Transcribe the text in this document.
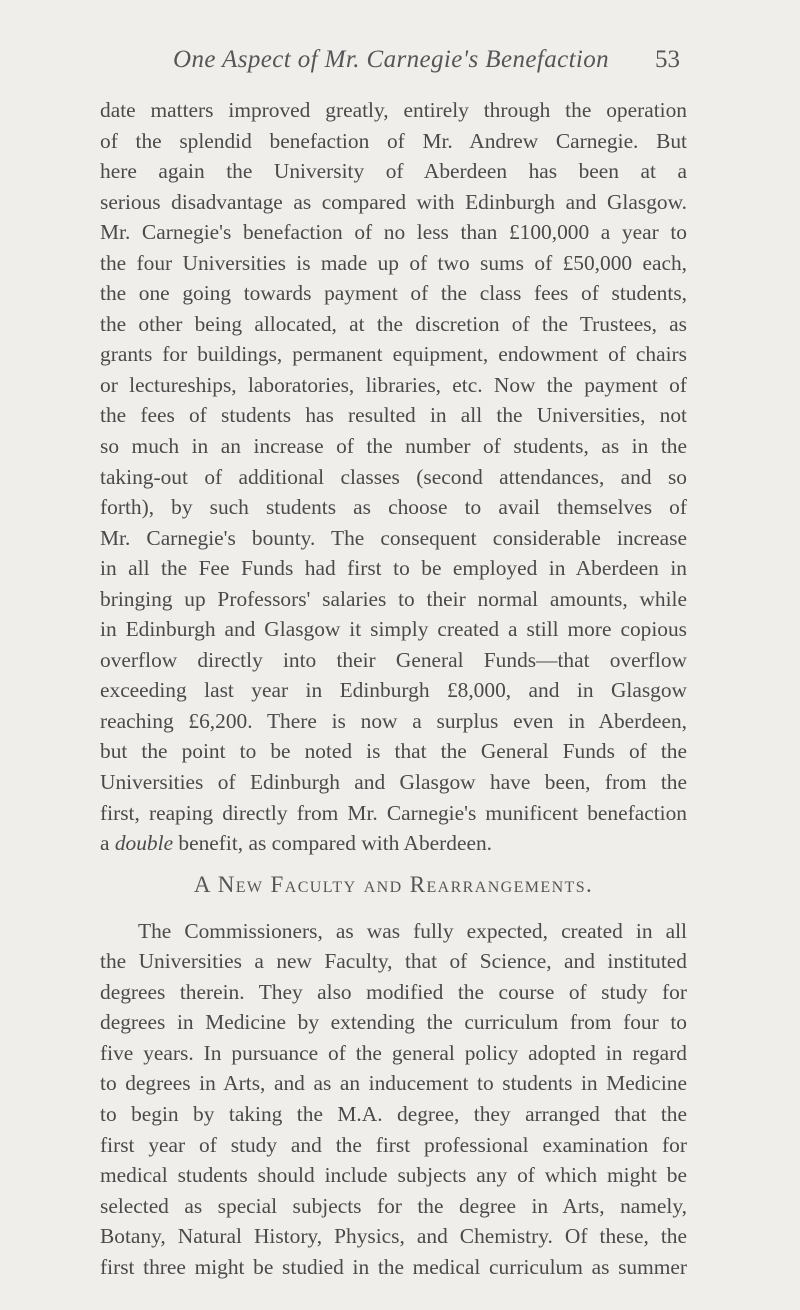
One Aspect of Mr. Carnegie's Benefaction 53
date matters improved greatly, entirely through the operation
of the splendid benefaction of Mr. Andrew Carnegie. But
here again the University of Aberdeen has been at a
serious disadvantage as compared with Edinburgh and Glasgow.
Mr. Carnegie's benefaction of no less than £100,000 a year to
the four Universities is made up of two sums of £50,000 each,
the one going towards payment of the class fees of students,
the other being allocated, at the discretion of the Trustees, as
grants for buildings, permanent equipment, endowment of chairs
or lectureships, laboratories, libraries, etc. Now the payment of
the fees of students has resulted in all the Universities, not
so much in an increase of the number of students, as in the
taking-out of additional classes (second attendances, and so
forth), by such students as choose to avail themselves of
Mr. Carnegie's bounty. The consequent considerable increase
in all the Fee Funds had first to be employed in Aberdeen in
bringing up Professors' salaries to their normal amounts, while
in Edinburgh and Glasgow it simply created a still more copious
overflow directly into their General Funds—that overflow
exceeding last year in Edinburgh £8,000, and in Glasgow
reaching £6,200. There is now a surplus even in Aberdeen,
but the point to be noted is that the General Funds of the
Universities of Edinburgh and Glasgow have been, from the
first, reaping directly from Mr. Carnegie's munificent benefaction
a double benefit, as compared with Aberdeen.
A New Faculty and Rearrangements.
The Commissioners, as was fully expected, created in all
the Universities a new Faculty, that of Science, and instituted
degrees therein. They also modified the course of study for
degrees in Medicine by extending the curriculum from four to
five years. In pursuance of the general policy adopted in regard
to degrees in Arts, and as an inducement to students in Medicine
to begin by taking the M.A. degree, they arranged that the
first year of study and the first professional examination for
medical students should include subjects any of which might be
selected as special subjects for the degree in Arts, namely,
Botany, Natural History, Physics, and Chemistry. Of these, the
first three might be studied in the medical curriculum as summer
